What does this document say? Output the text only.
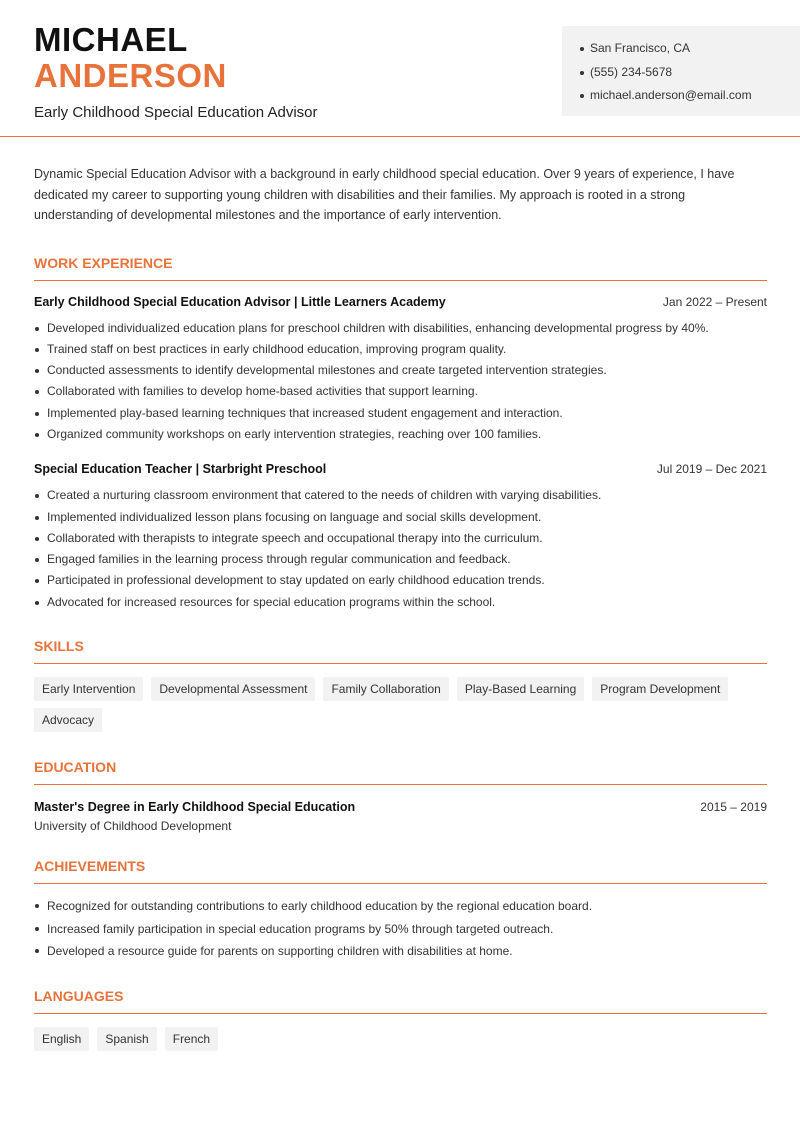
MICHAEL
ANDERSON
Early Childhood Special Education Advisor
San Francisco, CA
(555) 234-5678
michael.anderson@email.com

Dynamic Special Education Advisor with a background in early childhood special education. Over 9 years of experience, I have dedicated my career to supporting young children with disabilities and their families. My approach is rooted in a strong understanding of developmental milestones and the importance of early intervention.

WORK EXPERIENCE
Early Childhood Special Education Advisor | Little Learners Academy	Jan 2022 – Present
Developed individualized education plans for preschool children with disabilities, enhancing developmental progress by 40%.
Trained staff on best practices in early childhood education, improving program quality.
Conducted assessments to identify developmental milestones and create targeted intervention strategies.
Collaborated with families to develop home-based activities that support learning.
Implemented play-based learning techniques that increased student engagement and interaction.
Organized community workshops on early intervention strategies, reaching over 100 families.
Special Education Teacher | Starbright Preschool	Jul 2019 – Dec 2021
Created a nurturing classroom environment that catered to the needs of children with varying disabilities.
Implemented individualized lesson plans focusing on language and social skills development.
Collaborated with therapists to integrate speech and occupational therapy into the curriculum.
Engaged families in the learning process through regular communication and feedback.
Participated in professional development to stay updated on early childhood education trends.
Advocated for increased resources for special education programs within the school.
SKILLS
Early Intervention	Developmental Assessment	Family Collaboration	Play-Based Learning	Program Development
Advocacy
EDUCATION
Master's Degree in Early Childhood Special Education	2015 – 2019
University of Childhood Development
ACHIEVEMENTS
Recognized for outstanding contributions to early childhood education by the regional education board.
Increased family participation in special education programs by 50% through targeted outreach.
Developed a resource guide for parents on supporting children with disabilities at home.
LANGUAGES
English	Spanish	French
